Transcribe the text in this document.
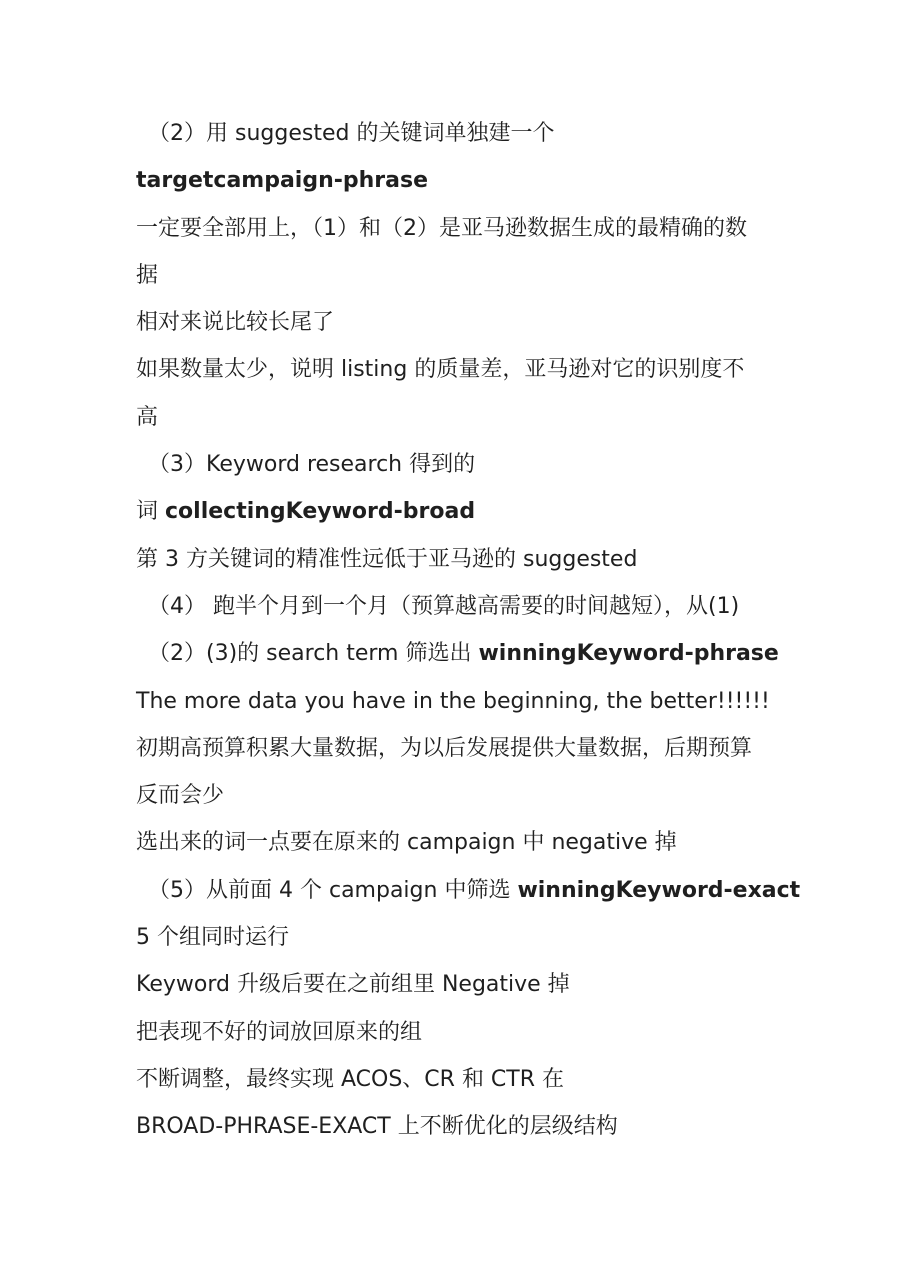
（2）用 suggested 的关键词单独建一个
targetcampaign-phrase
一定要全部用上，（1）和（2）是亚马逊数据生成的最精确的数
据
相对来说比较长尾了
如果数量太少，说明 listing 的质量差，亚马逊对它的识别度不
高
（3）Keyword research 得到的
词 collectingKeyword-broad
第 3 方关键词的精准性远低于亚马逊的 suggested
（4） 跑半个月到一个月（预算越高需要的时间越短），从(1)
（2）(3)的 search term 筛选出 winningKeyword-phrase
The more data you have in the beginning, the better!!!!!!
初期高预算积累大量数据，为以后发展提供大量数据，后期预算
反而会少
选出来的词一点要在原来的 campaign 中 negative 掉
（5）从前面 4 个 campaign 中筛选 winningKeyword-exact
5 个组同时运行
Keyword 升级后要在之前组里 Negative 掉
把表现不好的词放回原来的组
不断调整，最终实现 ACOS、CR 和 CTR 在
BROAD-PHRASE-EXACT 上不断优化的层级结构
